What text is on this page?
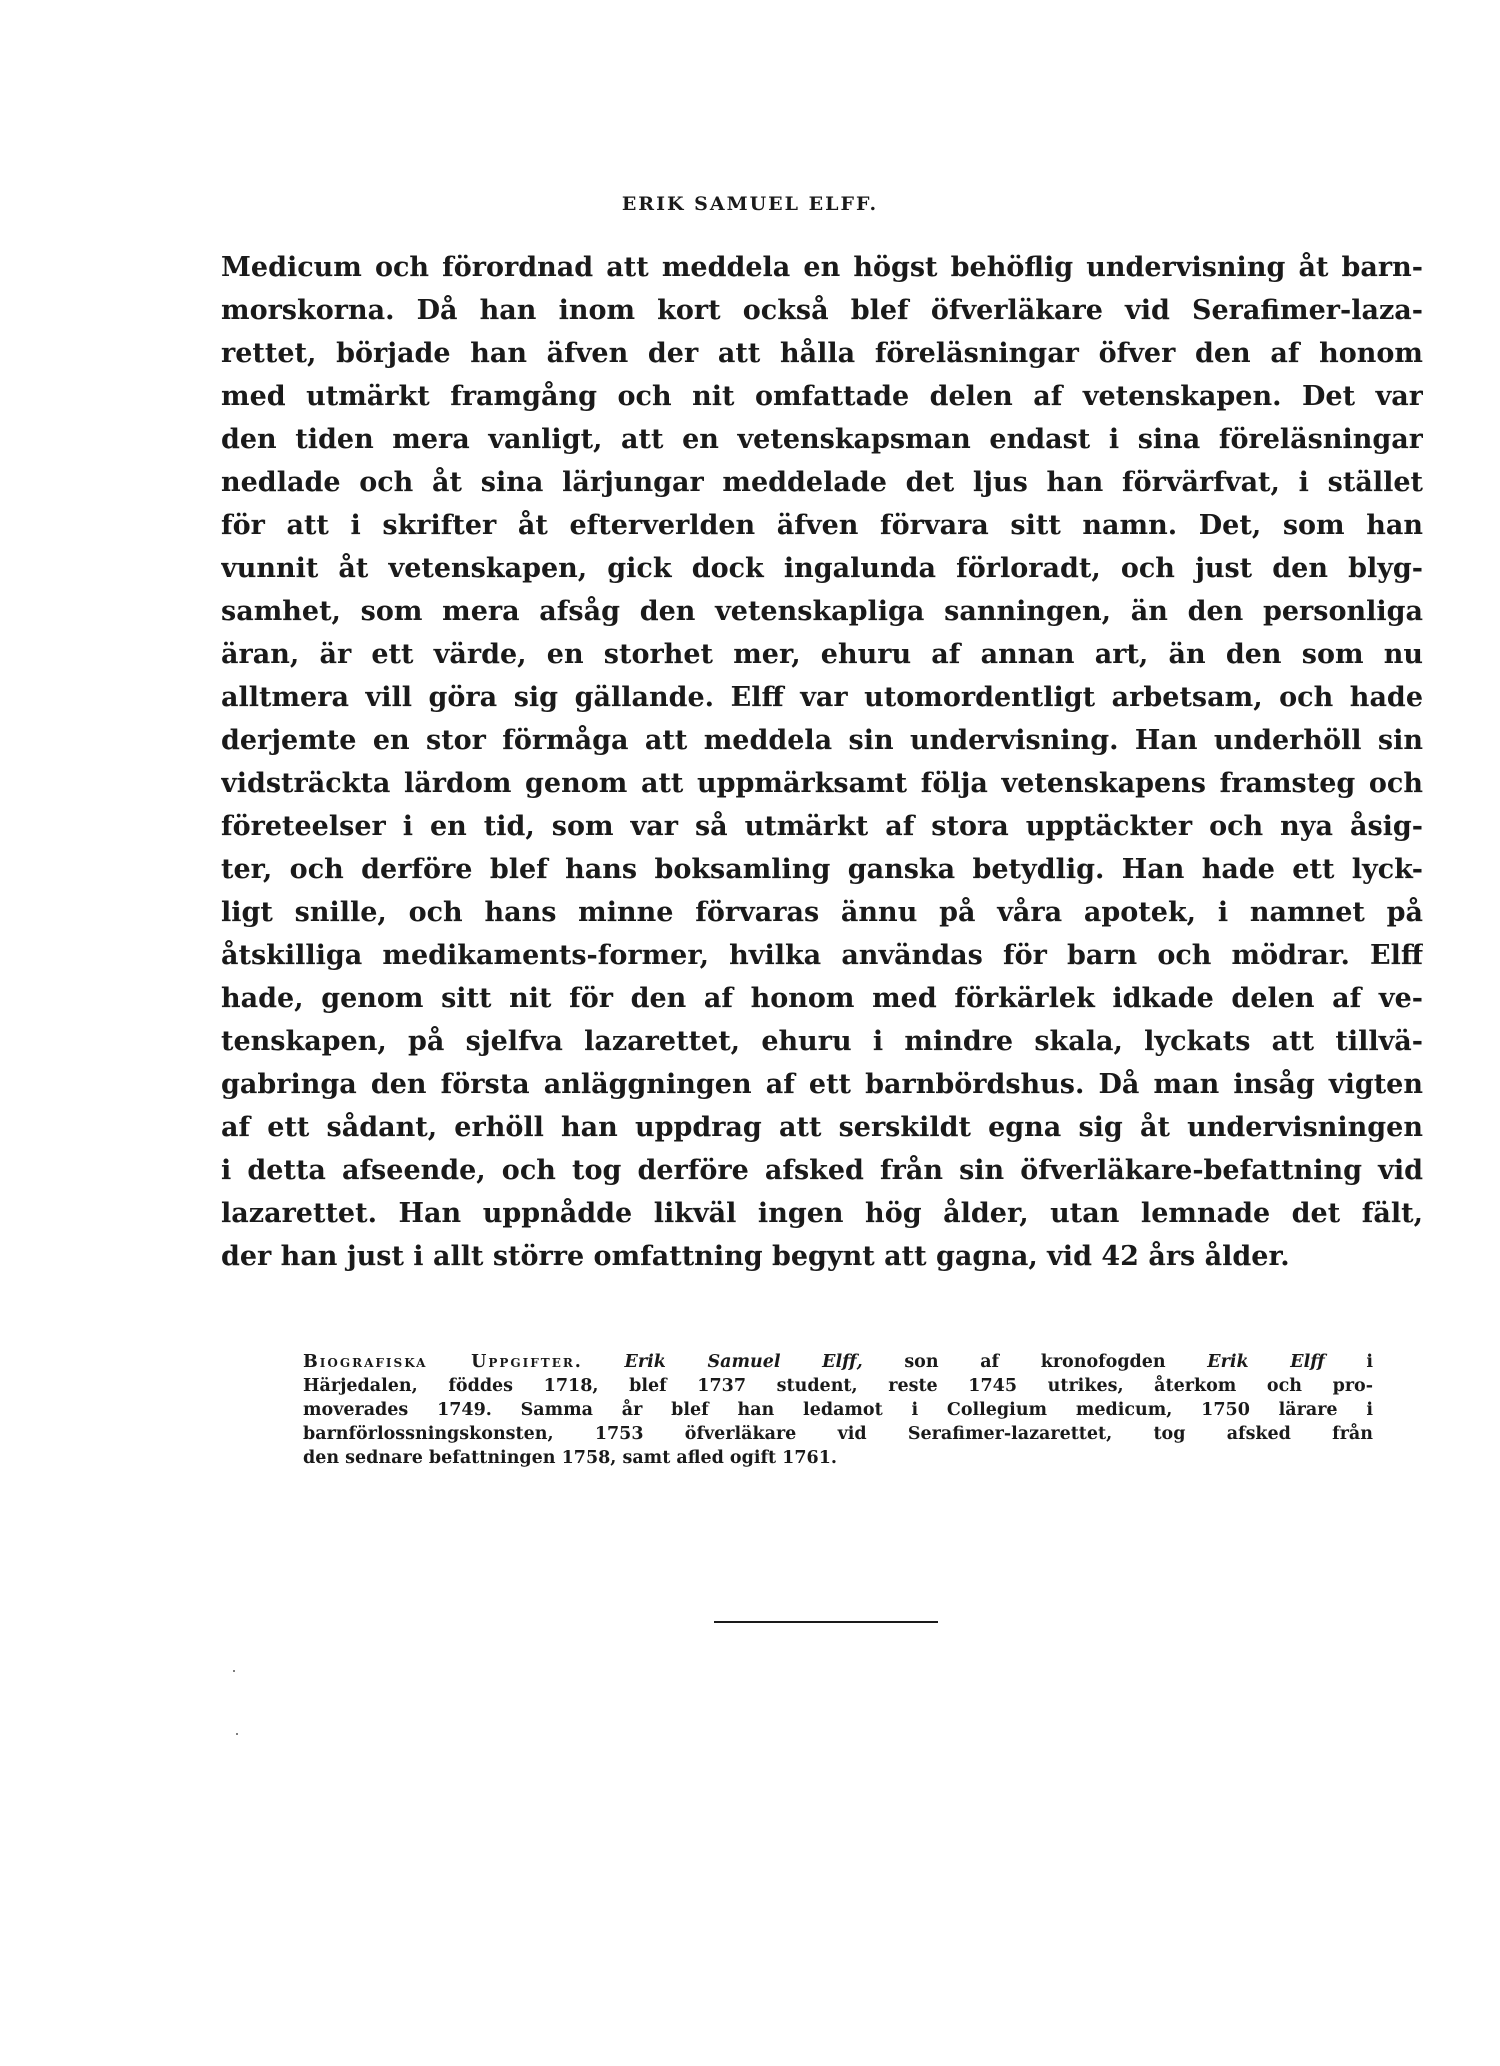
ERIK SAMUEL ELFF.
Medicum och förordnad att meddela en högst behöflig undervisning åt barn-
morskorna. Då han inom kort också blef öfverläkare vid Serafimer-laza-
rettet, började han äfven der att hålla föreläsningar öfver den af honom
med utmärkt framgång och nit omfattade delen af vetenskapen. Det var
den tiden mera vanligt, att en vetenskapsman endast i sina föreläsningar
nedlade och åt sina lärjungar meddelade det ljus han förvärfvat, i stället
för att i skrifter åt efterverlden äfven förvara sitt namn. Det, som han
vunnit åt vetenskapen, gick dock ingalunda förloradt, och just den blyg-
samhet, som mera afsåg den vetenskapliga sanningen, än den personliga
äran, är ett värde, en storhet mer, ehuru af annan art, än den som nu
alltmera vill göra sig gällande. Elff var utomordentligt arbetsam, och hade
derjemte en stor förmåga att meddela sin undervisning. Han underhöll sin
vidsträckta lärdom genom att uppmärksamt följa vetenskapens framsteg och
företeelser i en tid, som var så utmärkt af stora upptäckter och nya åsig-
ter, och derföre blef hans boksamling ganska betydlig. Han hade ett lyck-
ligt snille, och hans minne förvaras ännu på våra apotek, i namnet på
åtskilliga medikaments-former, hvilka användas för barn och mödrar. Elff
hade, genom sitt nit för den af honom med förkärlek idkade delen af ve-
tenskapen, på sjelfva lazarettet, ehuru i mindre skala, lyckats att tillvä-
gabringa den första anläggningen af ett barnbördshus. Då man insåg vigten
af ett sådant, erhöll han uppdrag att serskildt egna sig åt undervisningen
i detta afseende, och tog derföre afsked från sin öfverläkare-befattning vid
lazarettet. Han uppnådde likväl ingen hög ålder, utan lemnade det fält,
der han just i allt större omfattning begynt att gagna, vid 42 års ålder.
Biografiska Uppgifter. Erik Samuel Elff, son af kronofogden Erik Elff i
Härjedalen, föddes 1718, blef 1737 student, reste 1745 utrikes, återkom och pro-
moverades 1749. Samma år blef han ledamot i Collegium medicum, 1750 lärare i
barnförlossningskonsten, 1753 öfverläkare vid Serafimer-lazarettet, tog afsked från
den sednare befattningen 1758, samt afled ogift 1761.
